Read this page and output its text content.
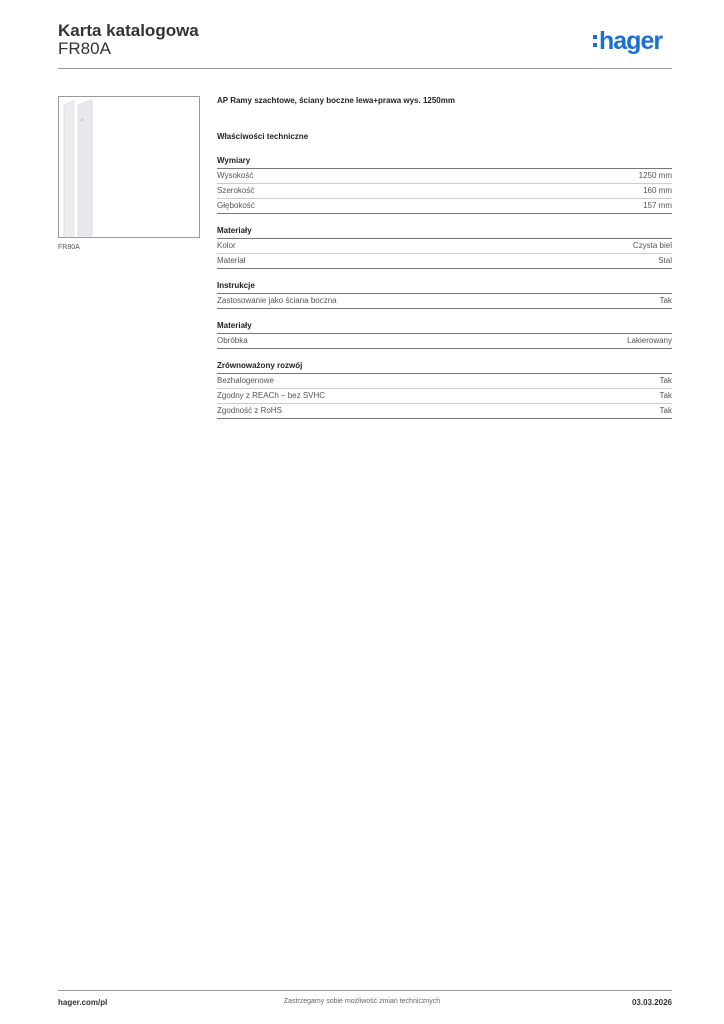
Karta katalogowa
FR80A	hager
FR80A
AP Ramy szachtowe, ściany boczne lewa+prawa wys. 1250mm
Właściwości techniczne
Wymiary
Wysokość	1250 mm
Szerokość	160 mm
Głębokość	157 mm
Materiały
Kolor	Czysta biel
Materiał	Stal
Instrukcje
Zastosowanie jako ściana boczna	Tak
Materiały
Obróbka	Lakierowany
Zrównoważony rozwój
Bezhalogenowe	Tak
Zgodny z REACh – bez SVHC	Tak
Zgodność z RoHS	Tak
hager.com/pl	Zastrzegamy sobie możliwość zmian technicznych	03.03.2026
